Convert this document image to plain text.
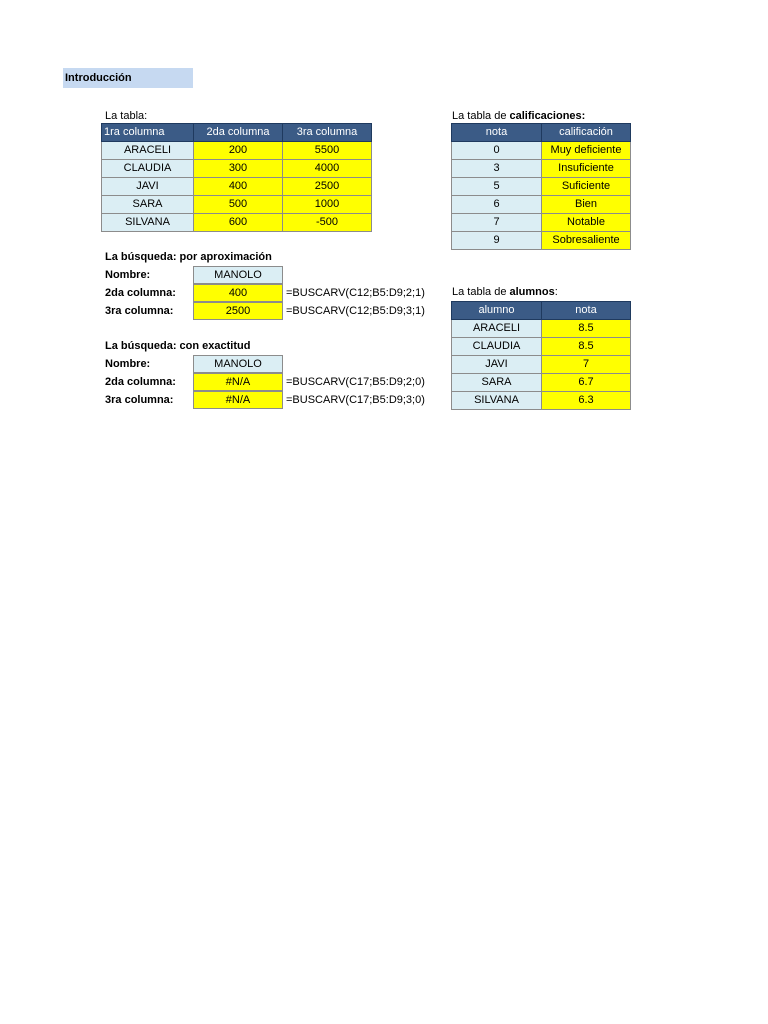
Introducción
La tabla:
1ra columna	2da columna	3ra columna
ARACELI	200	5500
CLAUDIA	300	4000
JAVI	400	2500
SARA	500	1000
SILVANA	600	-500
La tabla de calificaciones:
nota	calificación
0	Muy deficiente
3	Insuficiente
5	Suficiente
6	Bien
7	Notable
9	Sobresaliente
La búsqueda: por aproximación
Nombre:	MANOLO
2da columna:	400	=BUSCARV(C12;B5:D9;2;1)
3ra columna:	2500	=BUSCARV(C12;B5:D9;3;1)
La búsqueda: con exactitud
Nombre:	MANOLO
2da columna:	#N/A	=BUSCARV(C17;B5:D9;2;0)
3ra columna:	#N/A	=BUSCARV(C17;B5:D9;3;0)
La tabla de alumnos:
alumno	nota
ARACELI	8.5
CLAUDIA	8.5
JAVI	7
SARA	6.7
SILVANA	6.3
